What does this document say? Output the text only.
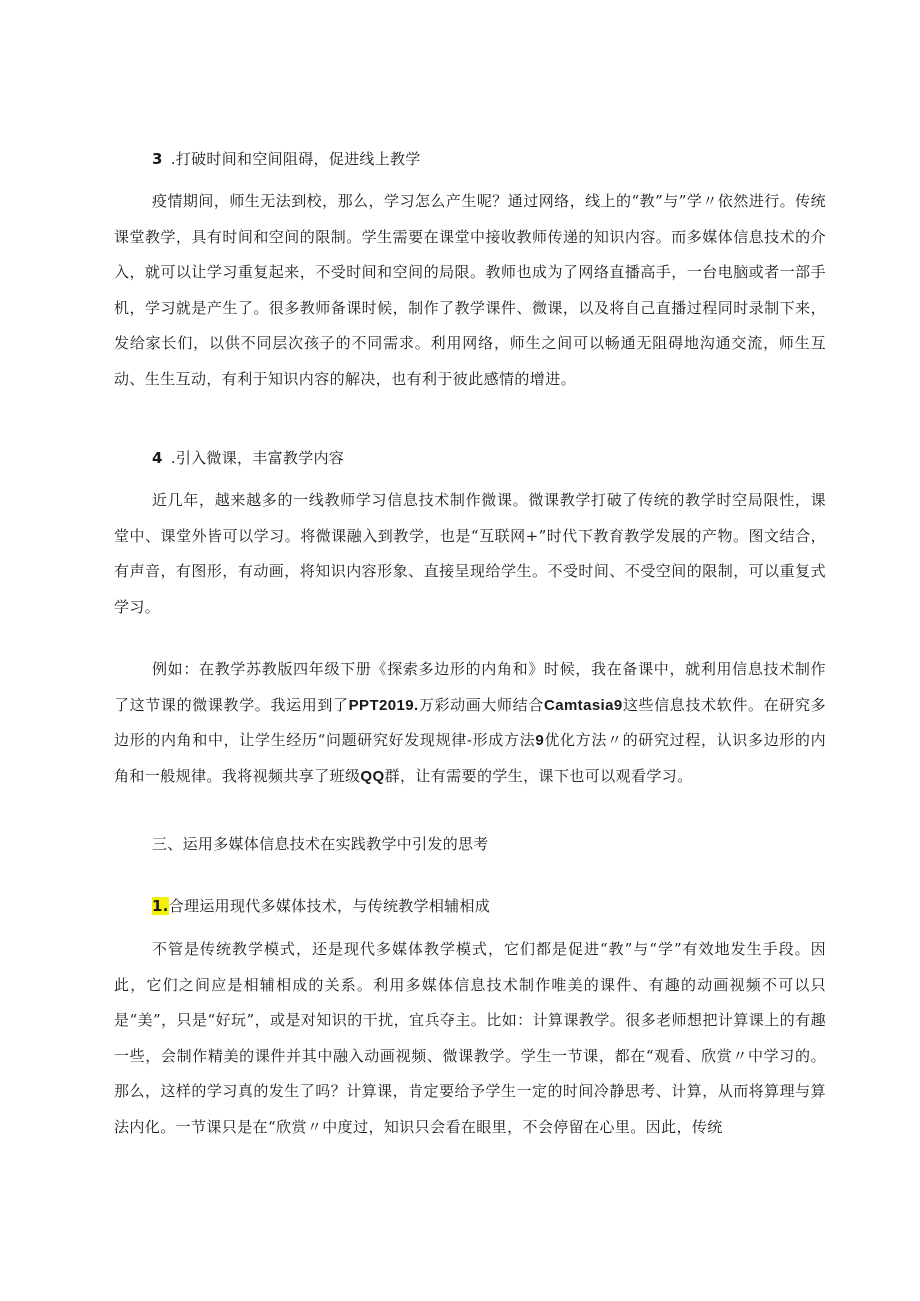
3 .打破时间和空间阻碍，促进线上教学

疫情期间，师生无法到校，那么，学习怎么产生呢？通过网络，线上的“教”与”学〃依然进行。传统课堂教学，具有时间和空间的限制。学生需要在课堂中接收教师传递的知识内容。而多媒体信息技术的介入，就可以让学习重复起来，不受时间和空间的局限。教师也成为了网络直播高手，一台电脑或者一部手机，学习就是产生了。很多教师备课时候，制作了教学课件、微课，以及将自己直播过程同时录制下来，发给家长们，以供不同层次孩子的不同需求。利用网络，师生之间可以畅通无阻碍地沟通交流，师生互动、生生互动，有利于知识内容的解决，也有利于彼此感情的增进。

4 .引入微课，丰富教学内容

近几年，越来越多的一线教师学习信息技术制作微课。微课教学打破了传统的教学时空局限性，课堂中、课堂外皆可以学习。将微课融入到教学，也是“互联网+”时代下教育教学发展的产物。图文结合，有声音，有图形，有动画，将知识内容形象、直接呈现给学生。不受时间、不受空间的限制，可以重复式学习。

例如：在教学苏教版四年级下册《探索多边形的内角和》时候，我在备课中，就利用信息技术制作了这节课的微课教学。我运用到了PPT2019.万彩动画大师结合Camtasia9这些信息技术软件。在研究多边形的内角和中，让学生经历“问题研究好发现规律-形成方法9优化方法〃的研究过程，认识多边形的内角和一般规律。我将视频共享了班级QQ群，让有需要的学生，课下也可以观看学习。

三、运用多媒体信息技术在实践教学中引发的思考

1.合理运用现代多媒体技术，与传统教学相辅相成

不管是传统教学模式，还是现代多媒体教学模式，它们都是促进“教”与“学”有效地发生手段。因此，它们之间应是相辅相成的关系。利用多媒体信息技术制作唯美的课件、有趣的动画视频不可以只是“美”，只是“好玩”，或是对知识的干扰，宜兵夺主。比如：计算课教学。很多老师想把计算课上的有趣一些，会制作精美的课件并其中融入动画视频、微课教学。学生一节课，都在“观看、欣赏〃中学习的。那么，这样的学习真的发生了吗？计算课，肯定要给予学生一定的时间冷静思考、计算，从而将算理与算法内化。一节课只是在“欣赏〃中度过，知识只会看在眼里，不会停留在心里。因此，传统
